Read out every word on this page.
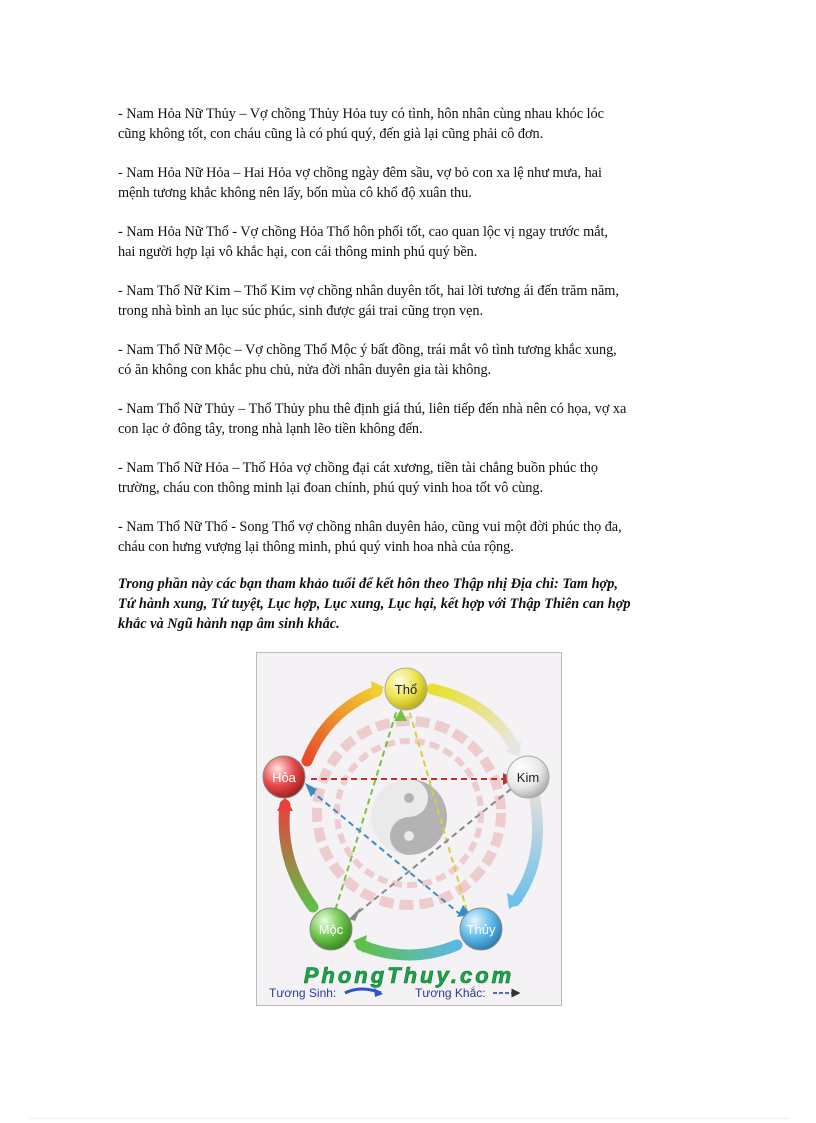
- Nam Hỏa Nữ Thủy – Vợ chồng Thủy Hỏa tuy có tình, hôn nhân cùng nhau khóc lóc
cũng không tốt, con cháu cũng là có phú quý, đến già lại cũng phải cô đơn.
- Nam Hỏa Nữ Hỏa – Hai Hỏa vợ chồng ngày đêm sầu, vợ bỏ con xa lệ như mưa, hai
mệnh tương khắc không nên lấy, bốn mùa cô khổ độ xuân thu.
- Nam Hỏa Nữ Thổ - Vợ chồng Hỏa Thổ hôn phối tốt, cao quan lộc vị ngay trước mắt,
hai người hợp lại vô khắc hại, con cái thông minh phú quý bền.
- Nam Thổ Nữ Kim – Thổ Kim vợ chồng nhân duyên tốt, hai lời tương ái đến trăm năm,
trong nhà bình an lục súc phúc, sinh được gái trai cũng trọn vẹn.
- Nam Thổ Nữ Mộc – Vợ chồng Thổ Mộc ý bất đồng, trái mắt vô tình tương khắc xung,
có ăn không con khắc phu chủ, nửa đời nhân duyên gia tài không.
- Nam Thổ Nữ Thủy – Thổ Thủy phu thê định giá thú, liên tiếp đến nhà nên có họa, vợ xa
con lạc ở đông tây, trong nhà lạnh lẽo tiền không đến.
- Nam Thổ Nữ Hỏa – Thổ Hỏa vợ chồng đại cát xương, tiền tài chẳng buồn phúc thọ
trường, cháu con thông minh lại đoan chính, phú quý vinh hoa tốt vô cùng.
- Nam Thổ Nữ Thổ - Song Thổ vợ chồng nhân duyên hảo, cũng vui một đời phúc thọ đa,
cháu con hưng vượng lại thông minh, phú quý vinh hoa nhà của rộng.
Trong phần này các bạn tham khảo tuổi để kết hôn theo Thập nhị Địa chi: Tam hợp,
Tứ hành xung, Tứ tuyệt, Lục hợp, Lục xung, Lục hại, kết hợp với Thập Thiên can hợp
khắc và Ngũ hành nạp âm sinh khắc.
Thổ
Kim
Thủy
Mộc
Hỏa
PhongThuy.com
Tương Sinh:	Tương Khắc:
